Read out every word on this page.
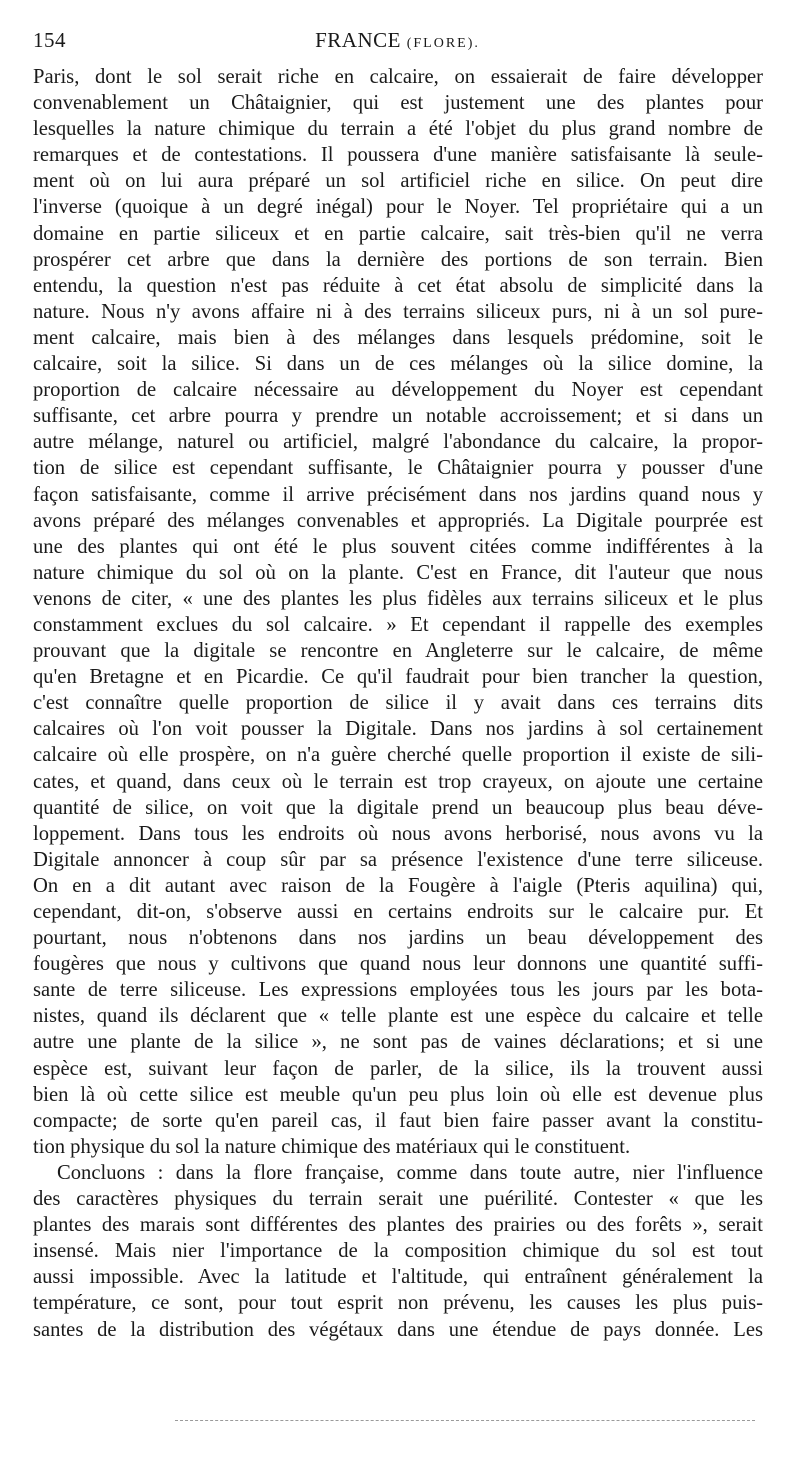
154	FRANCE (FLORE).
Paris, dont le sol serait riche en calcaire, on essaierait de faire développer
convenablement un Châtaignier, qui est justement une des plantes pour
lesquelles la nature chimique du terrain a été l'objet du plus grand nombre de
remarques et de contestations. Il poussera d'une manière satisfaisante là seule-
ment où on lui aura préparé un sol artificiel riche en silice. On peut dire
l'inverse (quoique à un degré inégal) pour le Noyer. Tel propriétaire qui a un
domaine en partie siliceux et en partie calcaire, sait très-bien qu'il ne verra
prospérer cet arbre que dans la dernière des portions de son terrain. Bien
entendu, la question n'est pas réduite à cet état absolu de simplicité dans la
nature. Nous n'y avons affaire ni à des terrains siliceux purs, ni à un sol pure-
ment calcaire, mais bien à des mélanges dans lesquels prédomine, soit le
calcaire, soit la silice. Si dans un de ces mélanges où la silice domine, la
proportion de calcaire nécessaire au développement du Noyer est cependant
suffisante, cet arbre pourra y prendre un notable accroissement; et si dans un
autre mélange, naturel ou artificiel, malgré l'abondance du calcaire, la propor-
tion de silice est cependant suffisante, le Châtaignier pourra y pousser d'une
façon satisfaisante, comme il arrive précisément dans nos jardins quand nous y
avons préparé des mélanges convenables et appropriés. La Digitale pourprée est
une des plantes qui ont été le plus souvent citées comme indifférentes à la
nature chimique du sol où on la plante. C'est en France, dit l'auteur que nous
venons de citer, « une des plantes les plus fidèles aux terrains siliceux et le plus
constamment exclues du sol calcaire. » Et cependant il rappelle des exemples
prouvant que la digitale se rencontre en Angleterre sur le calcaire, de même
qu'en Bretagne et en Picardie. Ce qu'il faudrait pour bien trancher la question,
c'est connaître quelle proportion de silice il y avait dans ces terrains dits
calcaires où l'on voit pousser la Digitale. Dans nos jardins à sol certainement
calcaire où elle prospère, on n'a guère cherché quelle proportion il existe de sili-
cates, et quand, dans ceux où le terrain est trop crayeux, on ajoute une certaine
quantité de silice, on voit que la digitale prend un beaucoup plus beau déve-
loppement. Dans tous les endroits où nous avons herborisé, nous avons vu la
Digitale annoncer à coup sûr par sa présence l'existence d'une terre siliceuse.
On en a dit autant avec raison de la Fougère à l'aigle (Pteris aquilina) qui,
cependant, dit-on, s'observe aussi en certains endroits sur le calcaire pur. Et
pourtant, nous n'obtenons dans nos jardins un beau développement des
fougères que nous y cultivons que quand nous leur donnons une quantité suffi-
sante de terre siliceuse. Les expressions employées tous les jours par les bota-
nistes, quand ils déclarent que « telle plante est une espèce du calcaire et telle
autre une plante de la silice », ne sont pas de vaines déclarations; et si une
espèce est, suivant leur façon de parler, de la silice, ils la trouvent aussi
bien là où cette silice est meuble qu'un peu plus loin où elle est devenue plus
compacte; de sorte qu'en pareil cas, il faut bien faire passer avant la constitu-
tion physique du sol la nature chimique des matériaux qui le constituent.
Concluons : dans la flore française, comme dans toute autre, nier l'influence
des caractères physiques du terrain serait une puérilité. Contester « que les
plantes des marais sont différentes des plantes des prairies ou des forêts », serait
insensé. Mais nier l'importance de la composition chimique du sol est tout
aussi impossible. Avec la latitude et l'altitude, qui entraînent généralement la
température, ce sont, pour tout esprit non prévenu, les causes les plus puis-
santes de la distribution des végétaux dans une étendue de pays donnée. Les
